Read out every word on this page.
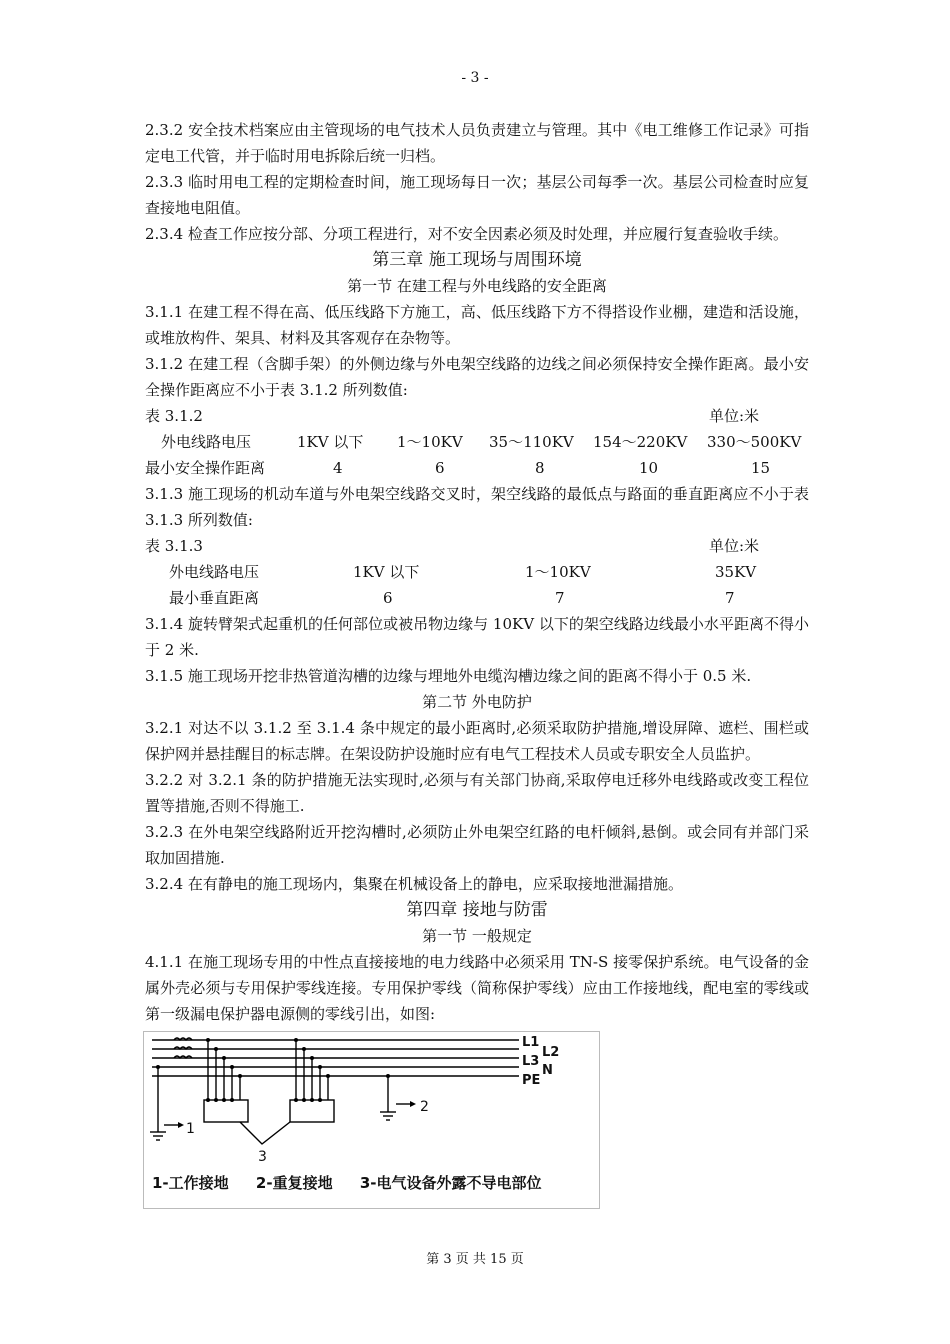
- 3 -

2.3.2 安全技术档案应由主管现场的电气技术人员负责建立与管理。其中《电工维修工作记录》可指定电工代管，并于临时用电拆除后统一归档。

2.3.3 临时用电工程的定期检查时间，施工现场每日一次；基层公司每季一次。基层公司检查时应复查接地电阻值。

2.3.4 检查工作应按分部、分项工程进行，对不安全因素必须及时处理，并应履行复查验收手续。

第三章 施工现场与周围环境

第一节 在建工程与外电线路的安全距离

3.1.1 在建工程不得在高、低压线路下方施工，高、低压线路下方不得搭设作业棚，建造和活设施，或堆放构件、架具、材料及其客观存在杂物等。

3.1.2 在建工程（含脚手架）的外侧边缘与外电架空线路的边线之间必须保持安全操作距离。最小安全操作距离应不小于表 3.1.2 所列数值:

表 3.1.2	单位:米
外电线路电压	1KV 以下	1～10KV	35～110KV	154～220KV	330～500KV
最小安全操作距离	4	6	8	10	15

3.1.3 施工现场的机动车道与外电架空线路交叉时，架空线路的最低点与路面的垂直距离应不小于表 3.1.3 所列数值:

表 3.1.3	单位:米
外电线路电压	1KV 以下	1～10KV	35KV
最小垂直距离	6	7	7

3.1.4 旋转臂架式起重机的任何部位或被吊物边缘与 10KV 以下的架空线路边线最小水平距离不得小于 2 米.

3.1.5 施工现场开挖非热管道沟槽的边缘与埋地外电缆沟槽边缘之间的距离不得小于 0.5 米.

第二节 外电防护

3.2.1 对达不以 3.1.2 至 3.1.4 条中规定的最小距离时,必须采取防护措施,增设屏障、遮栏、围栏或保护网并悬挂醒目的标志牌。在架设防护设施时应有电气工程技术人员或专职安全人员监护。

3.2.2 对 3.2.1 条的防护措施无法实现时,必须与有关部门协商,采取停电迁移外电线路或改变工程位置等措施,否则不得施工.

3.2.3 在外电架空线路附近开挖沟槽时,必须防止外电架空红路的电杆倾斜,悬倒。或会同有并部门采取加固措施.

3.2.4 在有静电的施工现场内，集聚在机械设备上的静电，应采取接地泄漏措施。

第四章 接地与防雷

第一节 一般规定

4.1.1 在施工现场专用的中性点直接接地的电力线路中必须采用 TN-S 接零保护系统。电气设备的金属外壳必须与专用保护零线连接。专用保护零线（简称保护零线）应由工作接地线，配电室的零线或第一级漏电保护器电源侧的零线引出，如图:

L1
L2
L3
N
PE
1
2
3
1-工作接地 2-重复接地 3-电气设备外露不导电部位
第 3 页 共 15 页
